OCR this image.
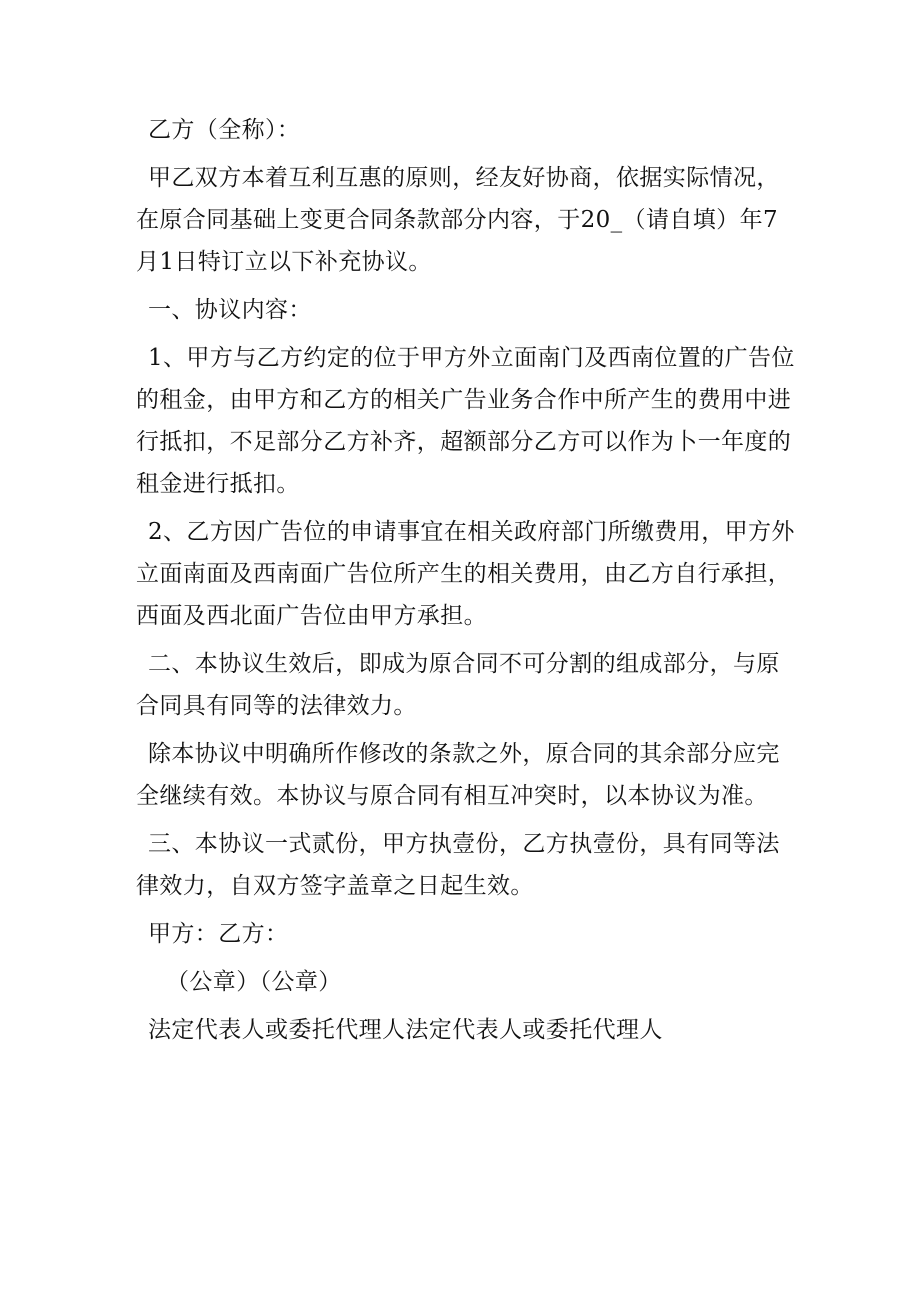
乙方（全称）：

甲乙双方本着互利互惠的原则，经友好协商，依据实际情况，在原合同基础上变更合同条款部分内容，于20_（请自填）年7月1日特订立以下补充协议。

一、协议内容：

1、甲方与乙方约定的位于甲方外立面南门及西南位置的广告位的租金，由甲方和乙方的相关广告业务合作中所产生的费用中进行抵扣，不足部分乙方补齐，超额部分乙方可以作为卜一年度的租金进行抵扣。

2、乙方因广告位的申请事宜在相关政府部门所缴费用，甲方外立面南面及西南面广告位所产生的相关费用，由乙方自行承担，西面及西北面广告位由甲方承担。

二、本协议生效后，即成为原合同不可分割的组成部分，与原合同具有同等的法律效力。

除本协议中明确所作修改的条款之外，原合同的其余部分应完全继续有效。本协议与原合同有相互冲突时，以本协议为准。

三、本协议一式贰份，甲方执壹份，乙方执壹份，具有同等法律效力，自双方签字盖章之日起生效。

甲方：乙方：

（公章）（公章）

法定代表人或委托代理人法定代表人或委托代理人
